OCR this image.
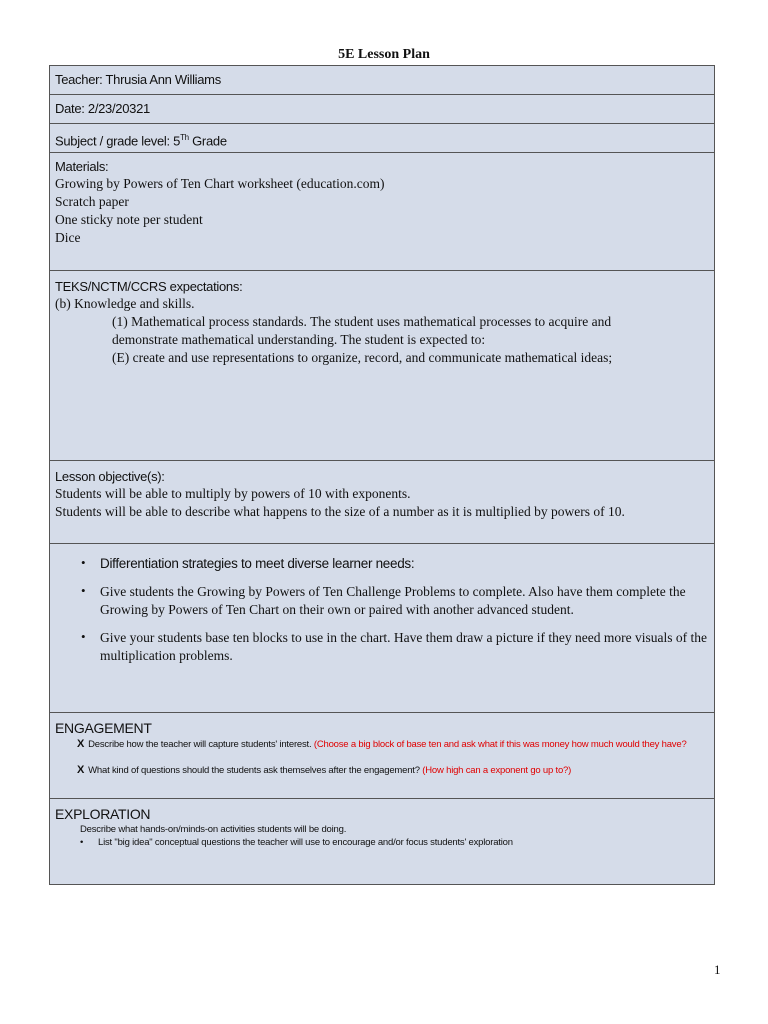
5E Lesson Plan
Teacher: Thrusia Ann Williams
Date: 2/23/20321
Subject / grade level: 5Th Grade
Materials:
Growing by Powers of Ten Chart worksheet (education.com)
Scratch paper
One sticky note per student
Dice
TEKS/NCTM/CCRS expectations:
(b) Knowledge and skills.
(1) Mathematical process standards. The student uses mathematical processes to acquire and
demonstrate mathematical understanding. The student is expected to:
(E) create and use representations to organize, record, and communicate mathematical ideas;
Lesson objective(s):
Students will be able to multiply by powers of 10 with exponents.
Students will be able to describe what happens to the size of a number as it is multiplied by powers of 10.
• Differentiation strategies to meet diverse learner needs:
• Give students the Growing by Powers of Ten Challenge Problems to complete. Also have them complete the Growing by Powers of Ten Chart on their own or paired with another advanced student.
•	Give your students base ten blocks to use in the chart. Have them draw a picture if they need more visuals of the multiplication problems.
ENGAGEMENT
X Describe how the teacher will capture students' interest. (Choose a big block of base ten and ask what if this was money how much would they have?
X What kind of questions should the students ask themselves after the engagement? (How high can a exponent go up to?)
EXPLORATION
Describe what hands-on/minds-on activities students will be doing.
• List "big idea" conceptual questions the teacher will use to encourage and/or focus students' exploration
1
